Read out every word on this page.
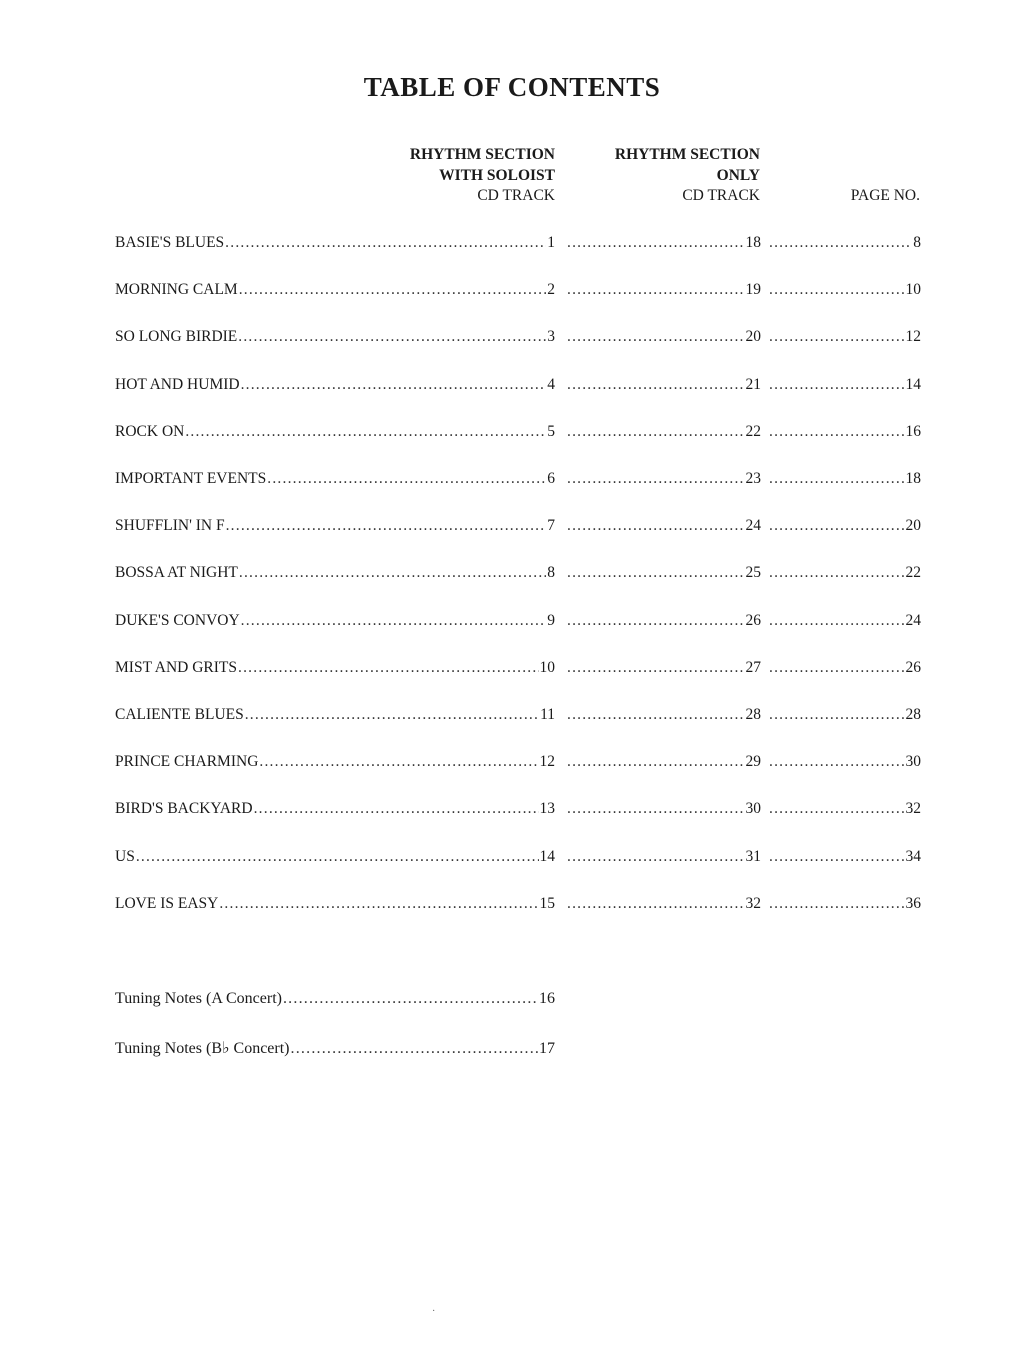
TABLE OF CONTENTS
RHYTHM SECTION
WITH SOLOIST
CD TRACK
RHYTHM SECTION
ONLY
CD TRACK	PAGE NO.
BASIE'S BLUES .....	1 .....	18 .....	8
MORNING CALM .....	2 .....	19 .....	10
SO LONG BIRDIE .....	3 .....	20 .....	12
HOT AND HUMID .....	4 .....	21 .....	14
ROCK ON .....	5 .....	22 .....	16
IMPORTANT EVENTS .....	6 .....	23 .....	18
SHUFFLIN' IN F .....	7 .....	24 .....	20
BOSSA AT NIGHT .....	8 .....	25 .....	22
DUKE'S CONVOY .....	9 .....	26 .....	24
MIST AND GRITS .....	10 .....	27 .....	26
CALIENTE BLUES .....	11 .....	28 .....	28
PRINCE CHARMING .....	12 .....	29 .....	30
BIRD'S BACKYARD .....	13 .....	30 .....	32
US .....	14 .....	31 .....	34
LOVE IS EASY .....	15 .....	32 .....	36
Tuning Notes (A Concert) .....	16
Tuning Notes (B♭ Concert) .....	17
·
